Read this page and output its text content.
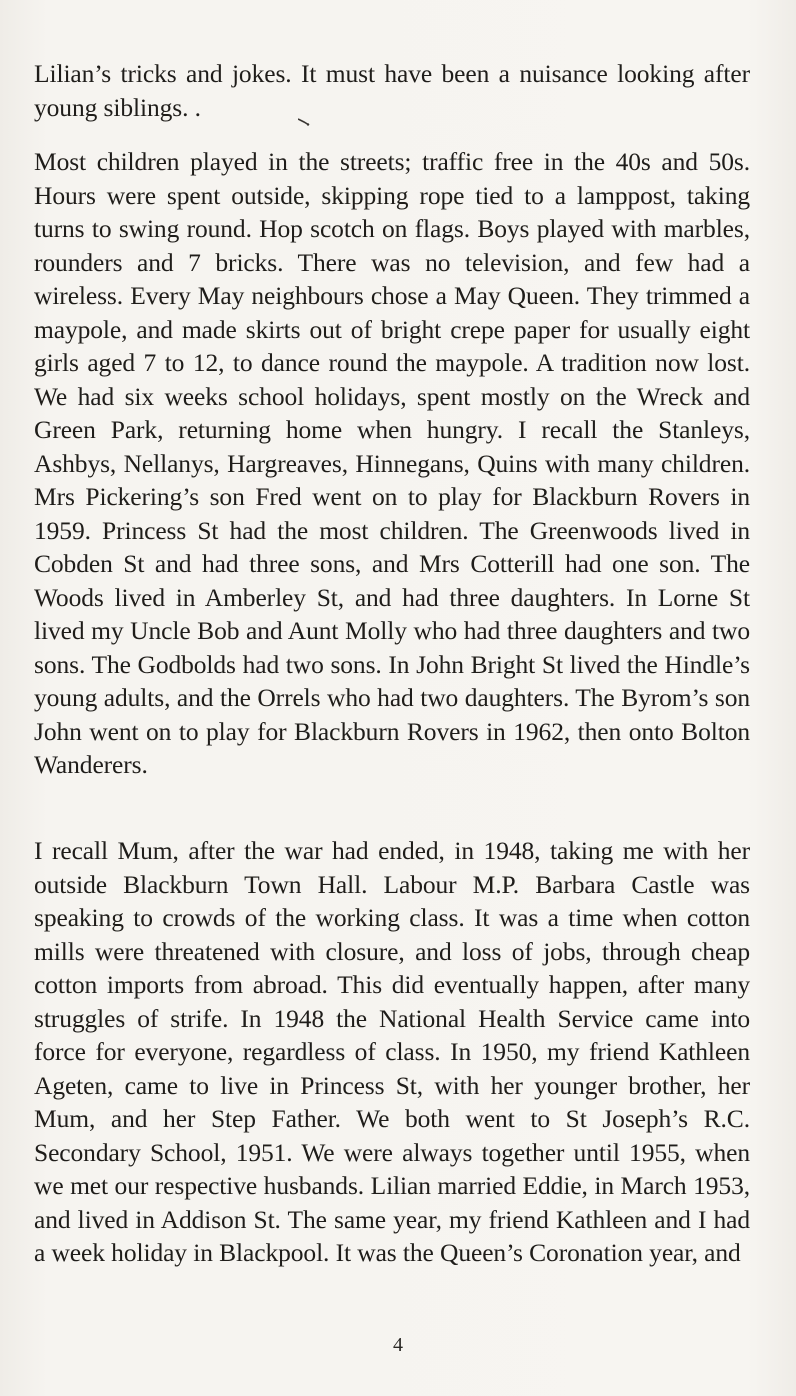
Lilian’s tricks and jokes. It must have been a nuisance looking after young siblings. .

Most children played in the streets; traffic free in the 40s and 50s. Hours were spent outside, skipping rope tied to a lamppost, taking turns to swing round. Hop scotch on flags. Boys played with marbles, rounders and 7 bricks. There was no television, and few had a wireless. Every May neighbours chose a May Queen. They trimmed a maypole, and made skirts out of bright crepe paper for usually eight girls aged 7 to 12, to dance round the maypole. A tradition now lost. We had six weeks school holidays, spent mostly on the Wreck and Green Park, returning home when hungry. I recall the Stanleys, Ashbys, Nellanys, Hargreaves, Hinnegans, Quins with many children. Mrs Pickering’s son Fred went on to play for Blackburn Rovers in 1959. Princess St had the most children. The Greenwoods lived in Cobden St and had three sons, and Mrs Cotterill had one son. The Woods lived in Amberley St, and had three daughters. In Lorne St lived my Uncle Bob and Aunt Molly who had three daughters and two sons. The Godbolds had two sons. In John Bright St lived the Hindle’s young adults, and the Orrels who had two daughters. The Byrom’s son John went on to play for Blackburn Rovers in 1962, then onto Bolton Wanderers.

I recall Mum, after the war had ended, in 1948, taking me with her outside Blackburn Town Hall. Labour M.P. Barbara Castle was speaking to crowds of the working class. It was a time when cotton mills were threatened with closure, and loss of jobs, through cheap cotton imports from abroad. This did eventually happen, after many struggles of strife. In 1948 the National Health Service came into force for everyone, regardless of class. In 1950, my friend Kathleen Ageten, came to live in Princess St, with her younger brother, her Mum, and her Step Father. We both went to St Joseph’s R.C. Secondary School, 1951. We were always together until 1955, when we met our respective husbands. Lilian married Eddie, in March 1953, and lived in Addison St. The same year, my friend Kathleen and I had a week holiday in Blackpool. It was the Queen’s Coronation year, and

4
